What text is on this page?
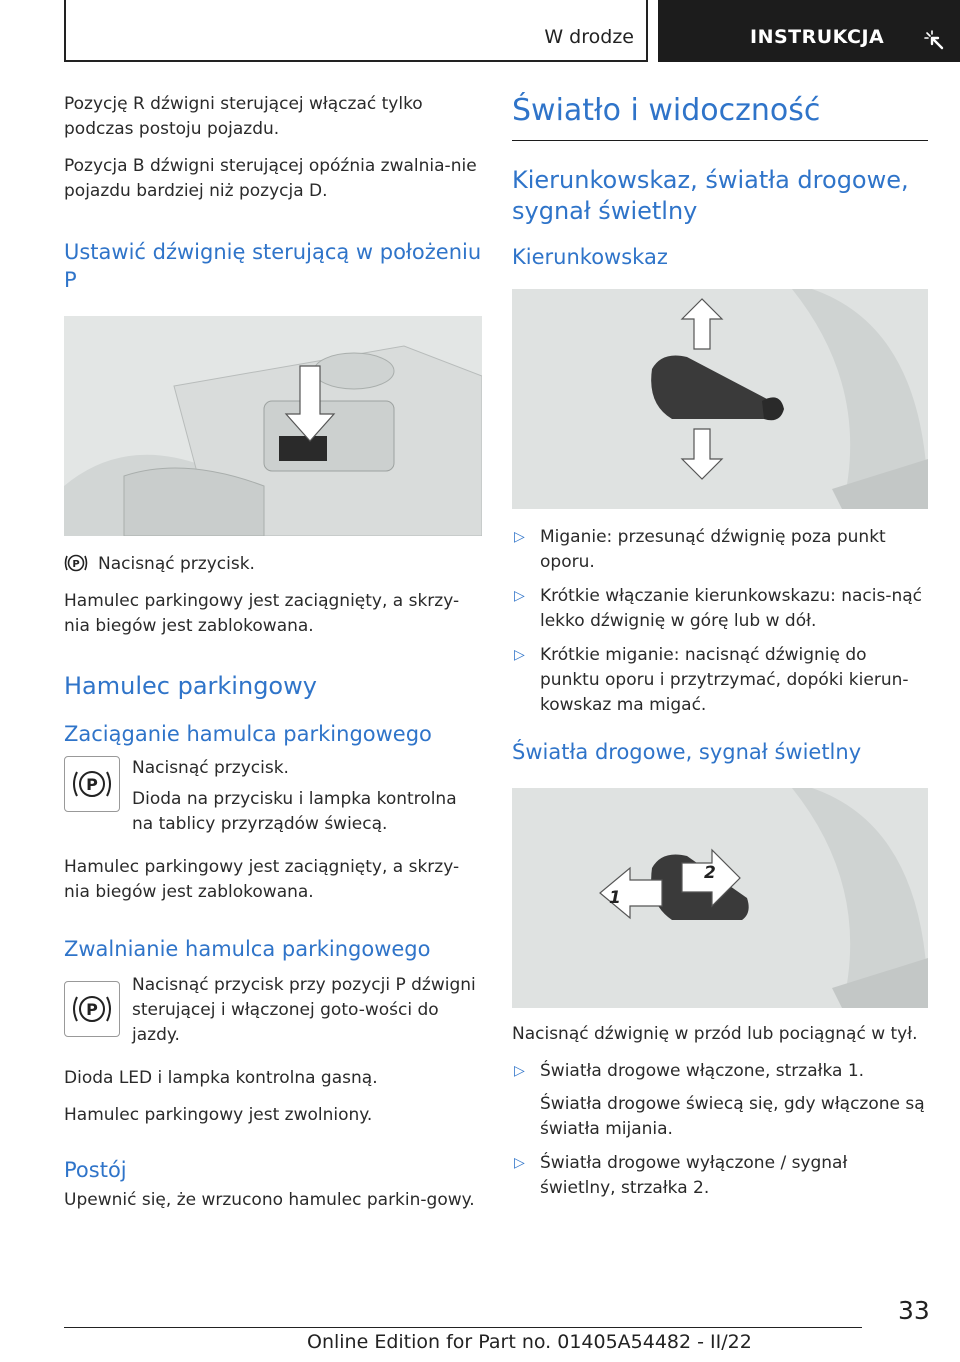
W drodze	INSTRUKCJA

Pozycję R dźwigni sterującej włączać tylko podczas postoju pojazdu.

Pozycja B dźwigni sterującej opóźnia zwalnia-nie pojazdu bardziej niż pozycja D.

Ustawić dźwignię sterującą w położeniu P

P Nacisnąć przycisk.

Hamulec parkingowy jest zaciągnięty, a skrzy-nia biegów jest zablokowana.

Hamulec parkingowy
Zaciąganie hamulca parkingowego
P

Nacisnąć przycisk.

Dioda na przycisku i lampka kontrolna na tablicy przyrządów świecą.

Hamulec parkingowy jest zaciągnięty, a skrzy-nia biegów jest zablokowana.

Zwalnianie hamulca parkingowego
P

Nacisnąć przycisk przy pozycji P dźwigni sterującej i włączonej goto-wości do jazdy.

Dioda LED i lampka kontrolna gasną.

Hamulec parkingowy jest zwolniony.

Postój

Upewnić się, że wrzucono hamulec parkin-gowy.

Światło i widoczność
Kierunkowskaz, światła drogowe, sygnał świetlny
Kierunkowskaz
▷ Miganie: przesunąć dźwignię poza punkt oporu.
▷ Krótkie włączanie kierunkowskazu: nacis-nąć lekko dźwignię w górę lub w dół.
▷ Krótkie miganie: nacisnąć dźwignię do punktu oporu i przytrzymać, dopóki kierun-kowskaz ma migać.
Światła drogowe, sygnał świetlny
1
2

Nacisnąć dźwignię w przód lub pociągnąć w tył.

▷ Światła drogowe włączone, strzałka 1.
Światła drogowe świecą się, gdy włączone są światła mijania.
▷ Światła drogowe wyłączone / sygnał świetlny, strzałka 2.
33
Online Edition for Part no. 01405A54482 - II/22
